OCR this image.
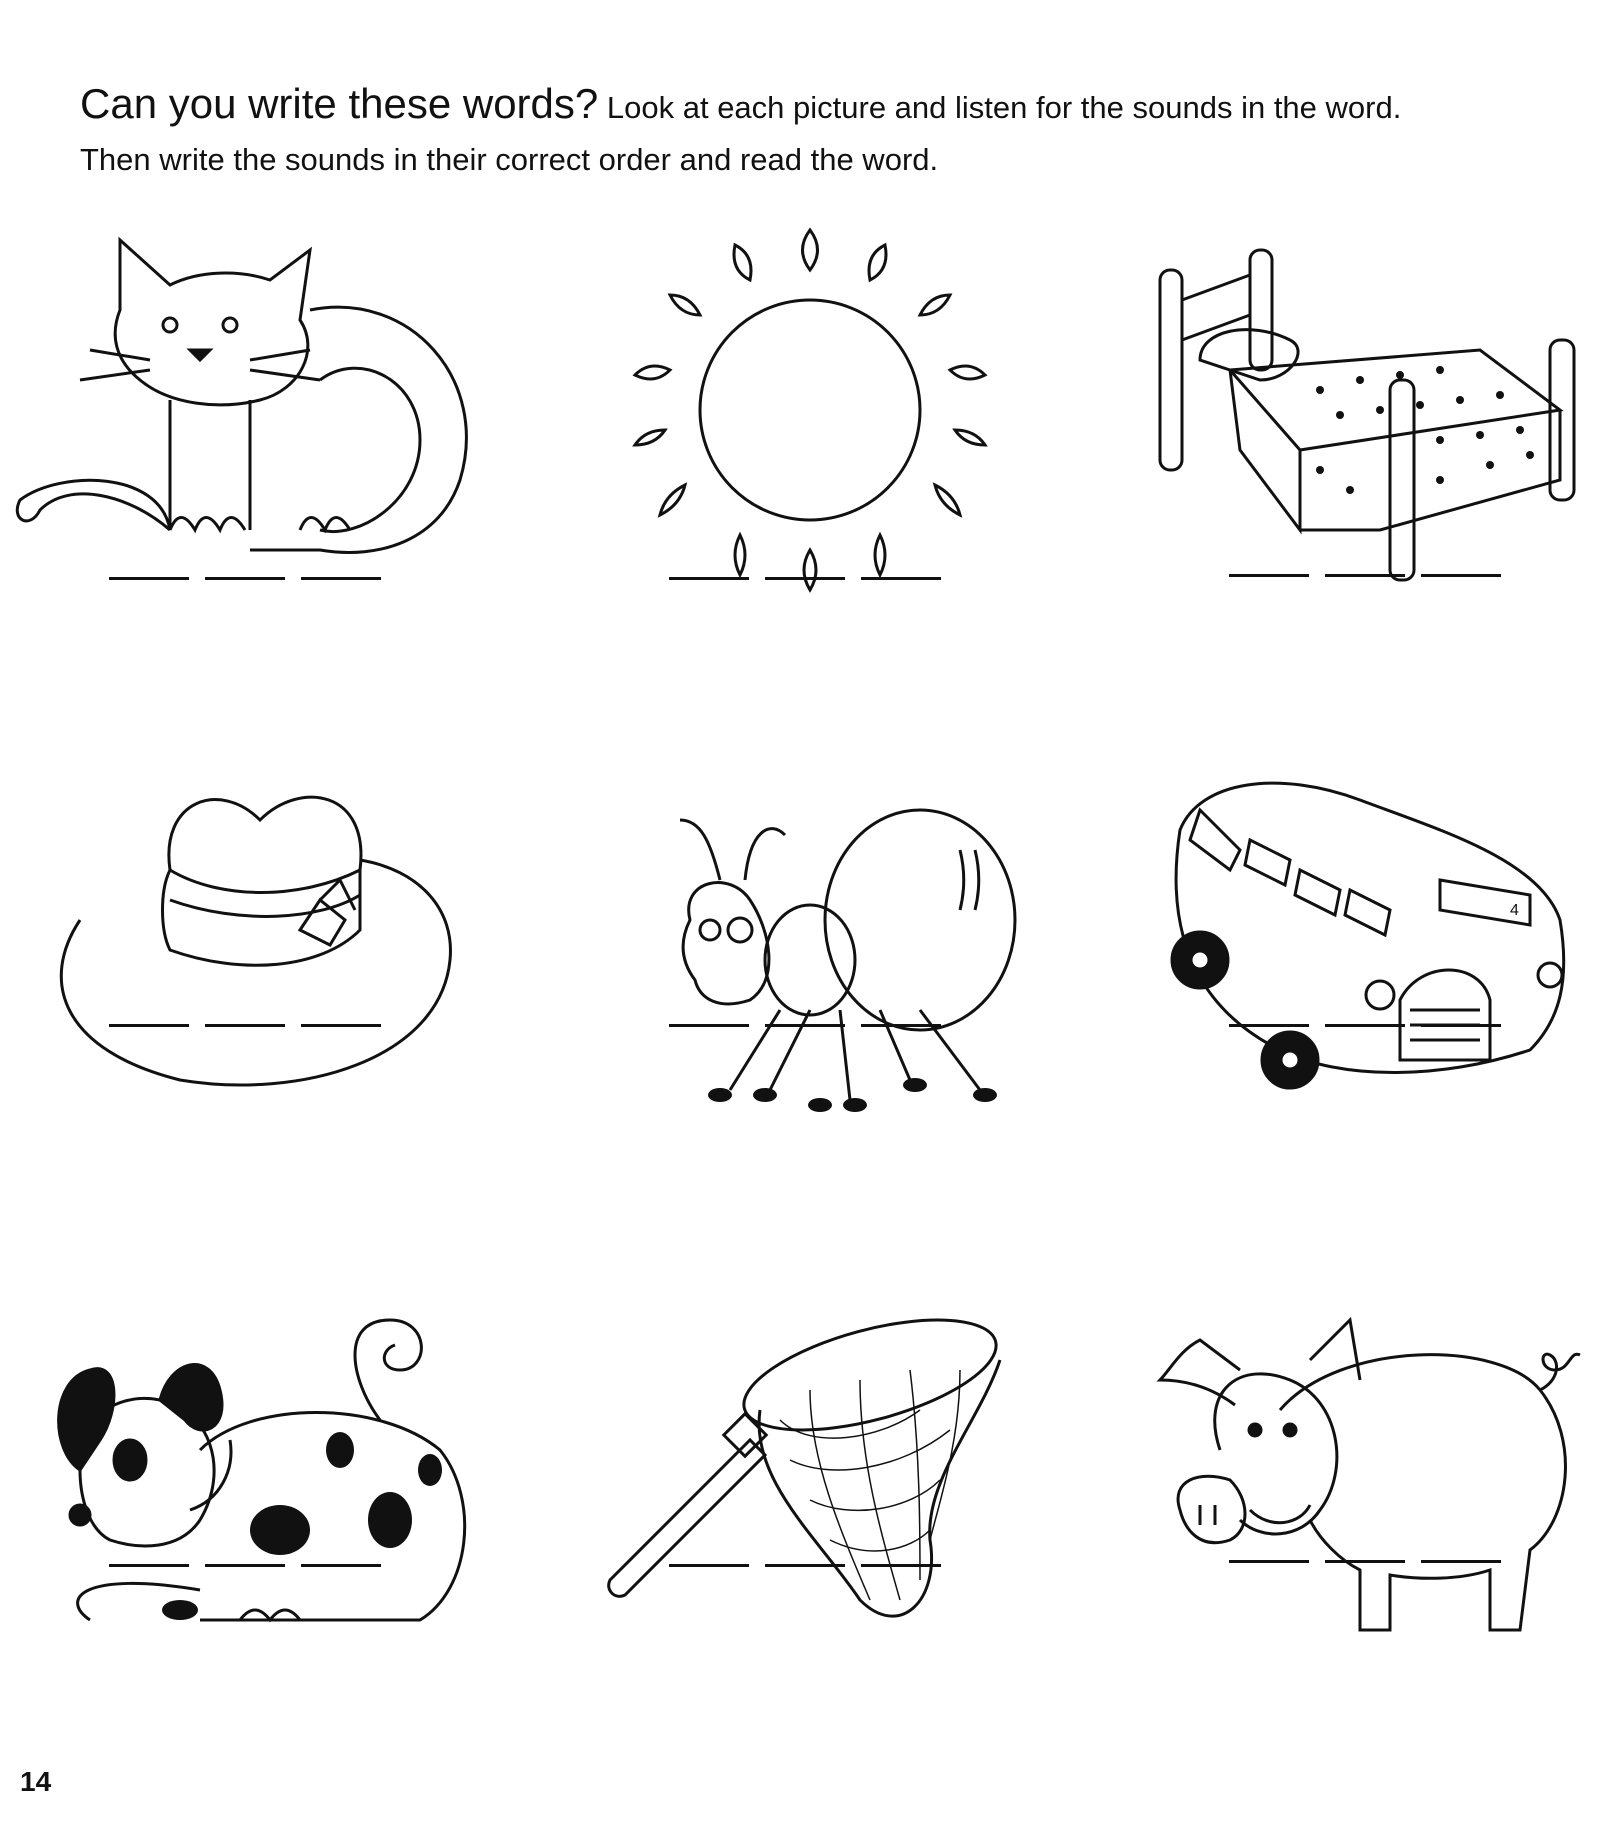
Can you write these words? Look at each picture and listen for the sounds in the word. Then write the sounds in their correct order and read the word.
4
14
